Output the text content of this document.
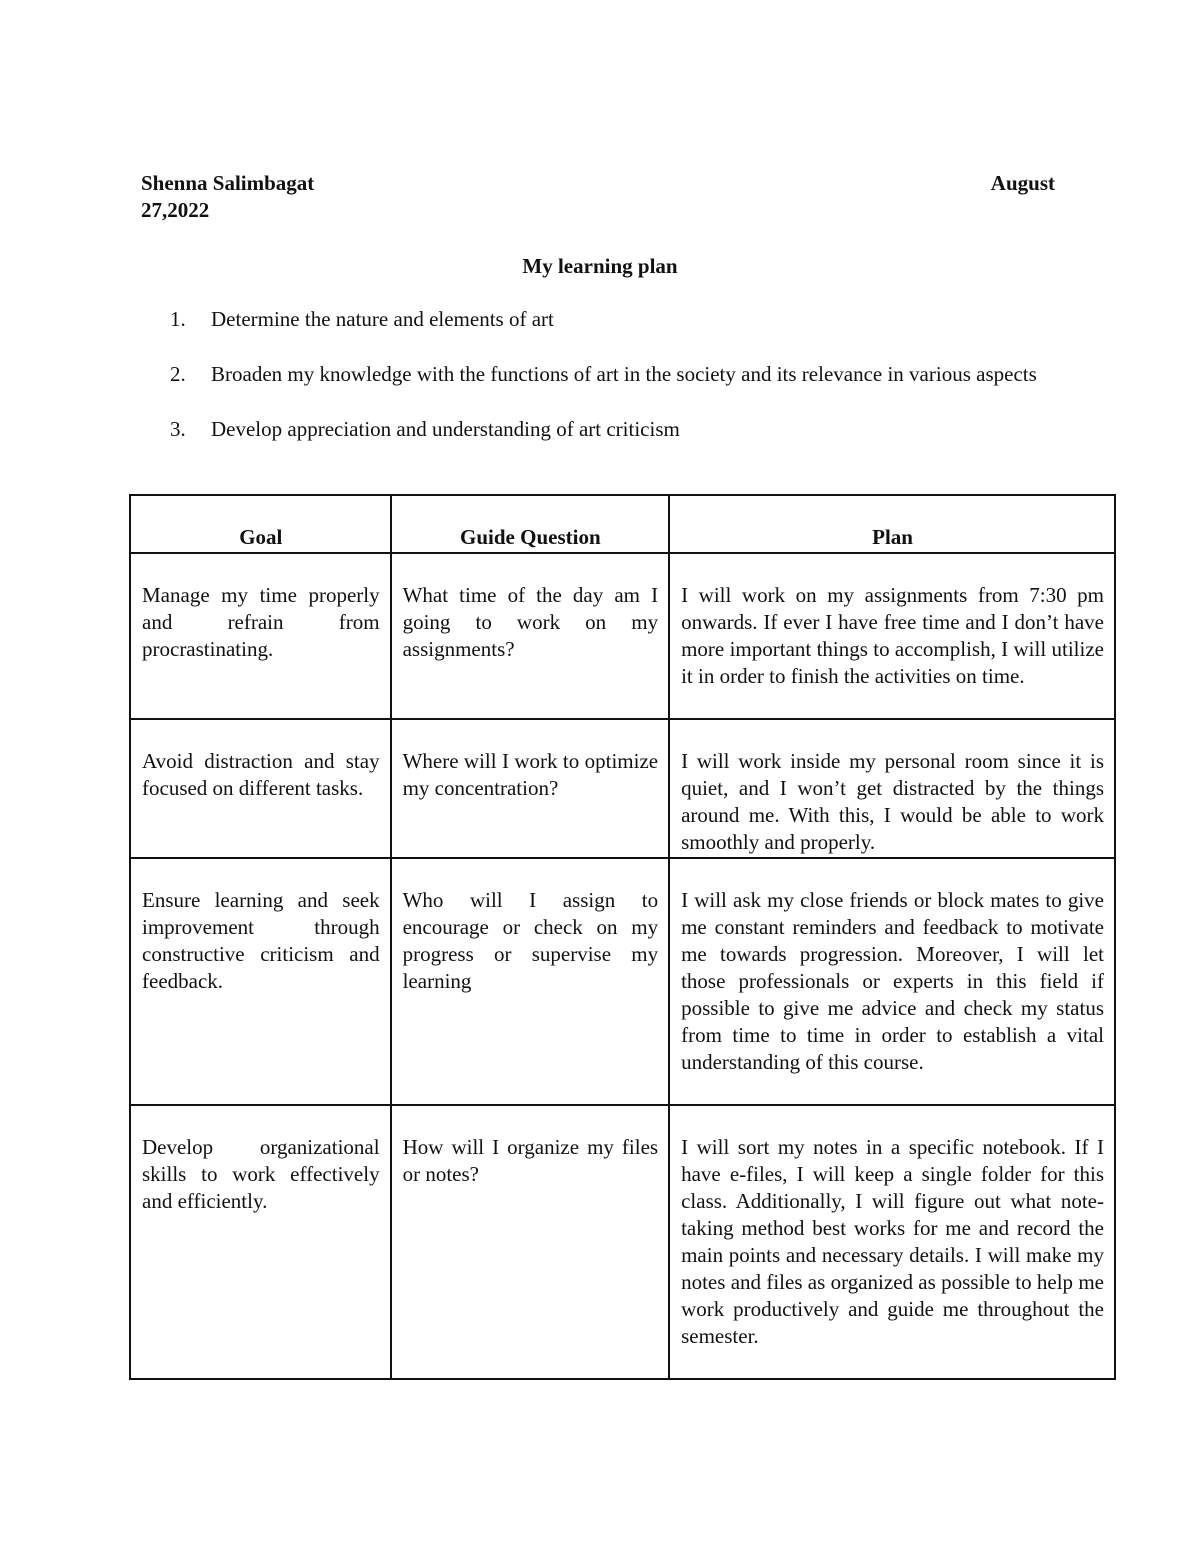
Shenna Salimbagat	August
27,2022
My learning plan
1.	Determine the nature and elements of art
2.	Broaden my knowledge with the functions of art in the society and its relevance in various aspects
3.	Develop appreciation and understanding of art criticism
Goal	Guide Question	Plan

Manage my time properly and refrain from procrastinating.	What time of the day am I going to work on my assignments?	I will work on my assignments from 7:30 pm onwards. If ever I have free time and I don’t have more important things to accomplish, I will utilize it in order to finish the activities on time.

Avoid distraction and stay focused on different tasks.	Where will I work to optimize my concentration?	I will work inside my personal room since it is quiet, and I won’t get distracted by the things around me. With this, I would be able to work smoothly and properly.

Ensure learning and seek improvement through constructive criticism and feedback.	Who will I assign to encourage or check on my progress or supervise my learning	I will ask my close friends or block mates to give me constant reminders and feedback to motivate me towards progression. Moreover, I will let those professionals or experts in this field if possible to give me advice and check my status from time to time in order to establish a vital understanding of this course.

Develop organizational skills to work effectively and efficiently.	How will I organize my files or notes?	I will sort my notes in a specific notebook. If I have e-files, I will keep a single folder for this class. Additionally, I will figure out what note-taking method best works for me and record the main points and necessary details. I will make my notes and files as organized as possible to help me work productively and guide me throughout the semester.
